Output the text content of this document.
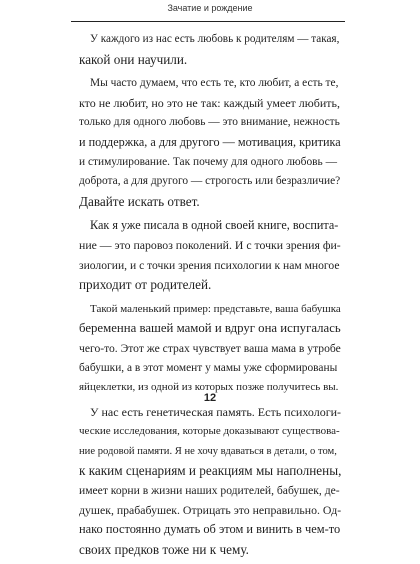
Зачатие и рождение
У каждого из нас есть любовь к родителям — такая,
какой они научили.
Мы часто думаем, что есть те, кто любит, а есть те,
кто не любит, но это не так: каждый умеет любить,
только для одного любовь — это внимание, нежность
и поддержка, а для другого — мотивация, критика
и стимулирование. Так почему для одного любовь —
доброта, а для другого — строгость или безразличие?
Давайте искать ответ.
Как я уже писала в одной своей книге, воспита-
ние — это паровоз поколений. И с точки зрения фи-
зиологии, и с точки зрения психологии к нам многое
приходит от родителей.
Такой маленький пример: представьте, ваша бабушка
беременна вашей мамой и вдруг она испугалась
чего-то. Этот же страх чувствует ваша мама в утробе
бабушки, а в этот момент у мамы уже сформированы
яйцеклетки, из одной из которых позже получитесь вы.
У нас есть генетическая память. Есть психологи-
ческие исследования, которые доказывают существова-
ние родовой памяти. Я не хочу вдаваться в детали, о том,
к каким сценариям и реакциям мы наполнены,
имеет корни в жизни наших родителей, бабушек, де-
душек, прабабушек. Отрицать это неправильно. Од-
нако постоянно думать об этом и винить в чем-то
своих предков тоже ни к чему.
12
